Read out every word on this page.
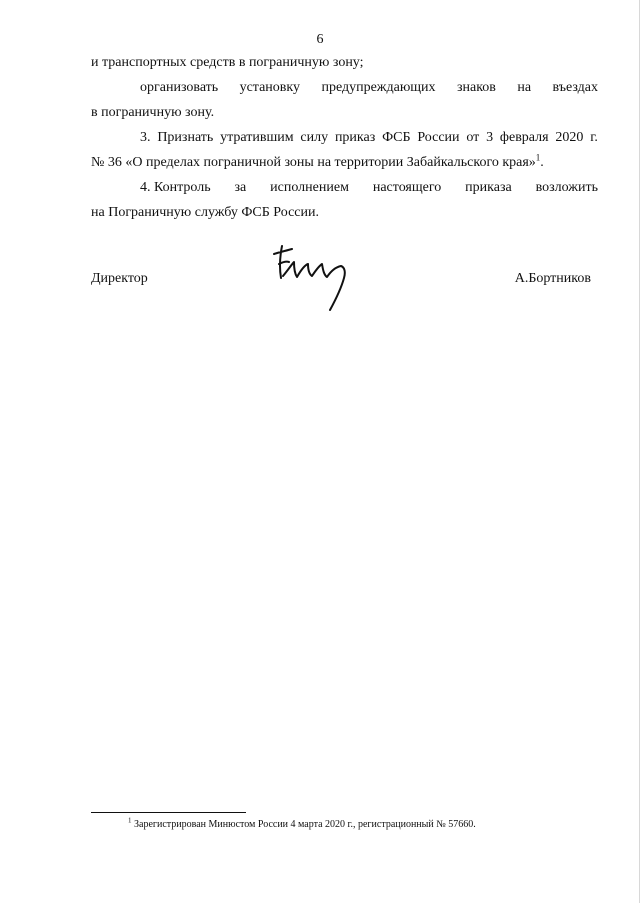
6
и транспортных средств в пограничную зону;
организовать установку предупреждающих знаков на въездах
в пограничную зону.
3. Признать утратившим силу приказ ФСБ России от 3 февраля 2020 г.
№ 36 «О пределах пограничной зоны на территории Забайкальского края»$^1$.
4. Контроль за исполнением настоящего приказа возложить
на Пограничную службу ФСБ России.
Директор	А.Бортников
$^1$ Зарегистрирован Минюстом России 4 марта 2020 г., регистрационный № 57660.
